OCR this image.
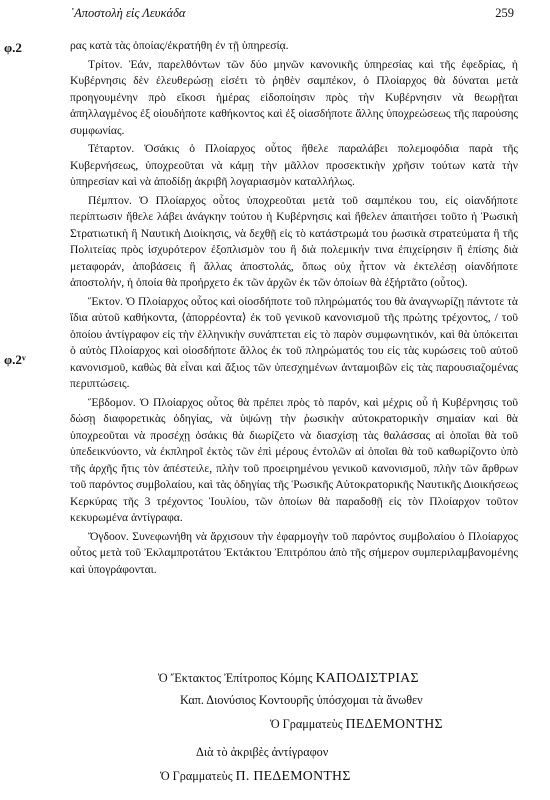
᾿Αποστολὴ εἰς Λευκάδα	259
φ.2
φ.2ᵛ

ρας κατὰ τὰς ὁποίας/ἐκρατήθη ἐν τῇ ὑπηρεσίᾳ.

Τρίτον. Ἐάν, παρελθόντων τῶν δύο μηνῶν κανονικῆς ὑπηρεσίας καὶ τῆς ἐφεδρίας, ἡ Κυβέρνησις δὲν ἐλευθερώσῃ εἰσέτι τὸ ῥηθὲν σαμπέκον, ὁ Πλοίαρχος θὰ δύναται μετὰ προηγουμένην πρὸ εἴκοσι ἡμέρας εἰδοποίησιν πρὸς τὴν Κυβέρνησιν νὰ θεωρῇται ἀπηλλαγμένος ἐξ οἱουδήποτε καθήκοντος καὶ ἐξ οἱασδήποτε ἄλλης ὑποχρεώσεως τῆς παρούσης συμφωνίας.

Τέταρτον. Ὁσάκις ὁ Πλοίαρχος οὗτος ἤθελε παραλάβει πολεμοφόδια παρὰ τῆς Κυβερνήσεως, ὑποχρεοῦται νὰ κάμῃ τὴν μᾶλλον προσεκτικὴν χρῆσιν τούτων κατὰ τὴν ὑπηρεσίαν καὶ νὰ ἀποδίδῃ ἀκριβῆ λογαριασμὸν καταλλήλως.

Πέμπτον. Ὁ Πλοίαρχος οὗτος ὑποχρεοῦται μετὰ τοῦ σαμπέκου του, εἰς οἱανδήποτε περίπτωσιν ἤθελε λάβει ἀνάγκην τούτου ἡ Κυβέρνησις καὶ ἤθελεν ἀπαιτήσει τοῦτο ἡ Ῥωσικὴ Στρατιωτικὴ ἢ Ναυτικὴ Διοίκησις, νὰ δεχθῇ εἰς τὸ κατάστρωμά του ῥωσικὰ στρατεύματα ἢ τῆς Πολιτείας πρὸς ἰσχυρότερον ἐξοπλισμὸν του ἢ διὰ πολεμικήν τινα ἐπιχείρησιν ἢ ἐπίσης διὰ μεταφοράν, ἀποβάσεις ἢ ἄλλας ἀποστολάς, ὅπως οὐχ ἧττον νὰ ἐκτελέσῃ οἱανδήποτε ἀποστολήν, ἡ ὁποία θὰ προήρχετο ἐκ τῶν ἀρχῶν ἐκ τῶν ὁποίων θὰ ἐξήρτᾶτο (οὗτος).

Ἕκτον. Ὁ Πλοίαρχος οὗτος καὶ οἱοσδήποτε τοῦ πληρώματός του θὰ ἀναγνωρίζῃ πάντοτε τὰ ἴδια αὐτοῦ καθήκοντα, ⟨ἀπορρέοντα⟩ ἐκ τοῦ γενικοῦ κανονισμοῦ τῆς πρώτης τρέχοντος, / τοῦ ὁποίου ἀντίγραφον εἰς τὴν ἑλληνικὴν συνάπτεται εἰς τὸ παρὸν συμφωνητικόν, καὶ θὰ ὑπόκειται ὁ αὐτὸς Πλοίαρχος καὶ οἱοσδήποτε ἄλλος ἐκ τοῦ πληρώματός του εἰς τὰς κυρώσεις τοῦ αὐτοῦ κανονισμοῦ, καθὼς θὰ εἶναι καὶ ἄξιος τῶν ὑπεσχημένων ἀνταμοιβῶν εἰς τὰς παρουσιαζομένας περιπτώσεις.

Ἕβδομον. Ὁ Πλοίαρχος οὗτος θὰ πρέπει πρὸς τὸ παρόν, καὶ μέχρις οὗ ἡ Κυβέρνησις τοῦ δώσῃ διαφορετικὰς ὁδηγίας, νὰ ὑψώνῃ τὴν ῥωσικὴν αὐτοκρατορικὴν σημαίαν καὶ θὰ ὑποχρεοῦται νὰ προσέχῃ ὁσάκις θὰ διωρίζετο νὰ διασχίσῃ τὰς θαλάσσας αἱ ὁποῖαι θὰ τοῦ ὑπεδεικνύοντο, νὰ ἐκπληροῖ ἐκτὸς τῶν ἐπὶ μέρους ἐντολῶν αἱ ὁποῖαι θὰ τοῦ καθωρίζοντο ὑπὸ τῆς ἀρχῆς ἥτις τὸν ἀπέστειλε, πλὴν τοῦ προειρημένου γενικοῦ κανονισμοῦ, πλὴν τῶν ἄρθρων τοῦ παρόντος συμβολαίου, καὶ τὰς ὁδηγίας τῆς Ῥωσικῆς Αὐτοκρατορικῆς Ναυτικῆς Διοικήσεως Κερκύρας τῆς 3 τρέχοντος Ἰουλίου, τῶν ὁποίων θὰ παραδοθῇ εἰς τὸν Πλοίαρχον τοῦτον κεκυρωμένα ἀντίγραφα.

Ὄγδοον. Συνεφωνήθη νὰ ἄρχισουν τὴν ἐφαρμογὴν τοῦ παρόντος συμβολαίου ὁ Πλοίαρχος οὗτος μετὰ τοῦ Ἐκλαμπροτάτου Ἐκτάκτου Ἐπιτρόπου ἀπὸ τῆς σήμερον συμπεριλαμβανομένης καὶ ὑπογράφονται.

Ὁ Ἔκτακτος Ἐπίτροπος Κόμης ΚΑΠΟΔΙΣΤΡΙΑΣ
Καπ. Διονύσιος Κοντουρῆς ὑπόσχομαι τὰ ἄνωθεν
Ὁ Γραμματεὺς ΠΕΔΕΜΟΝΤΗΣ
Διὰ τὸ ἀκριβὲς ἀντίγραφον
Ὁ Γραμματεὺς Π. ΠΕΔΕΜΟΝΤΗΣ
